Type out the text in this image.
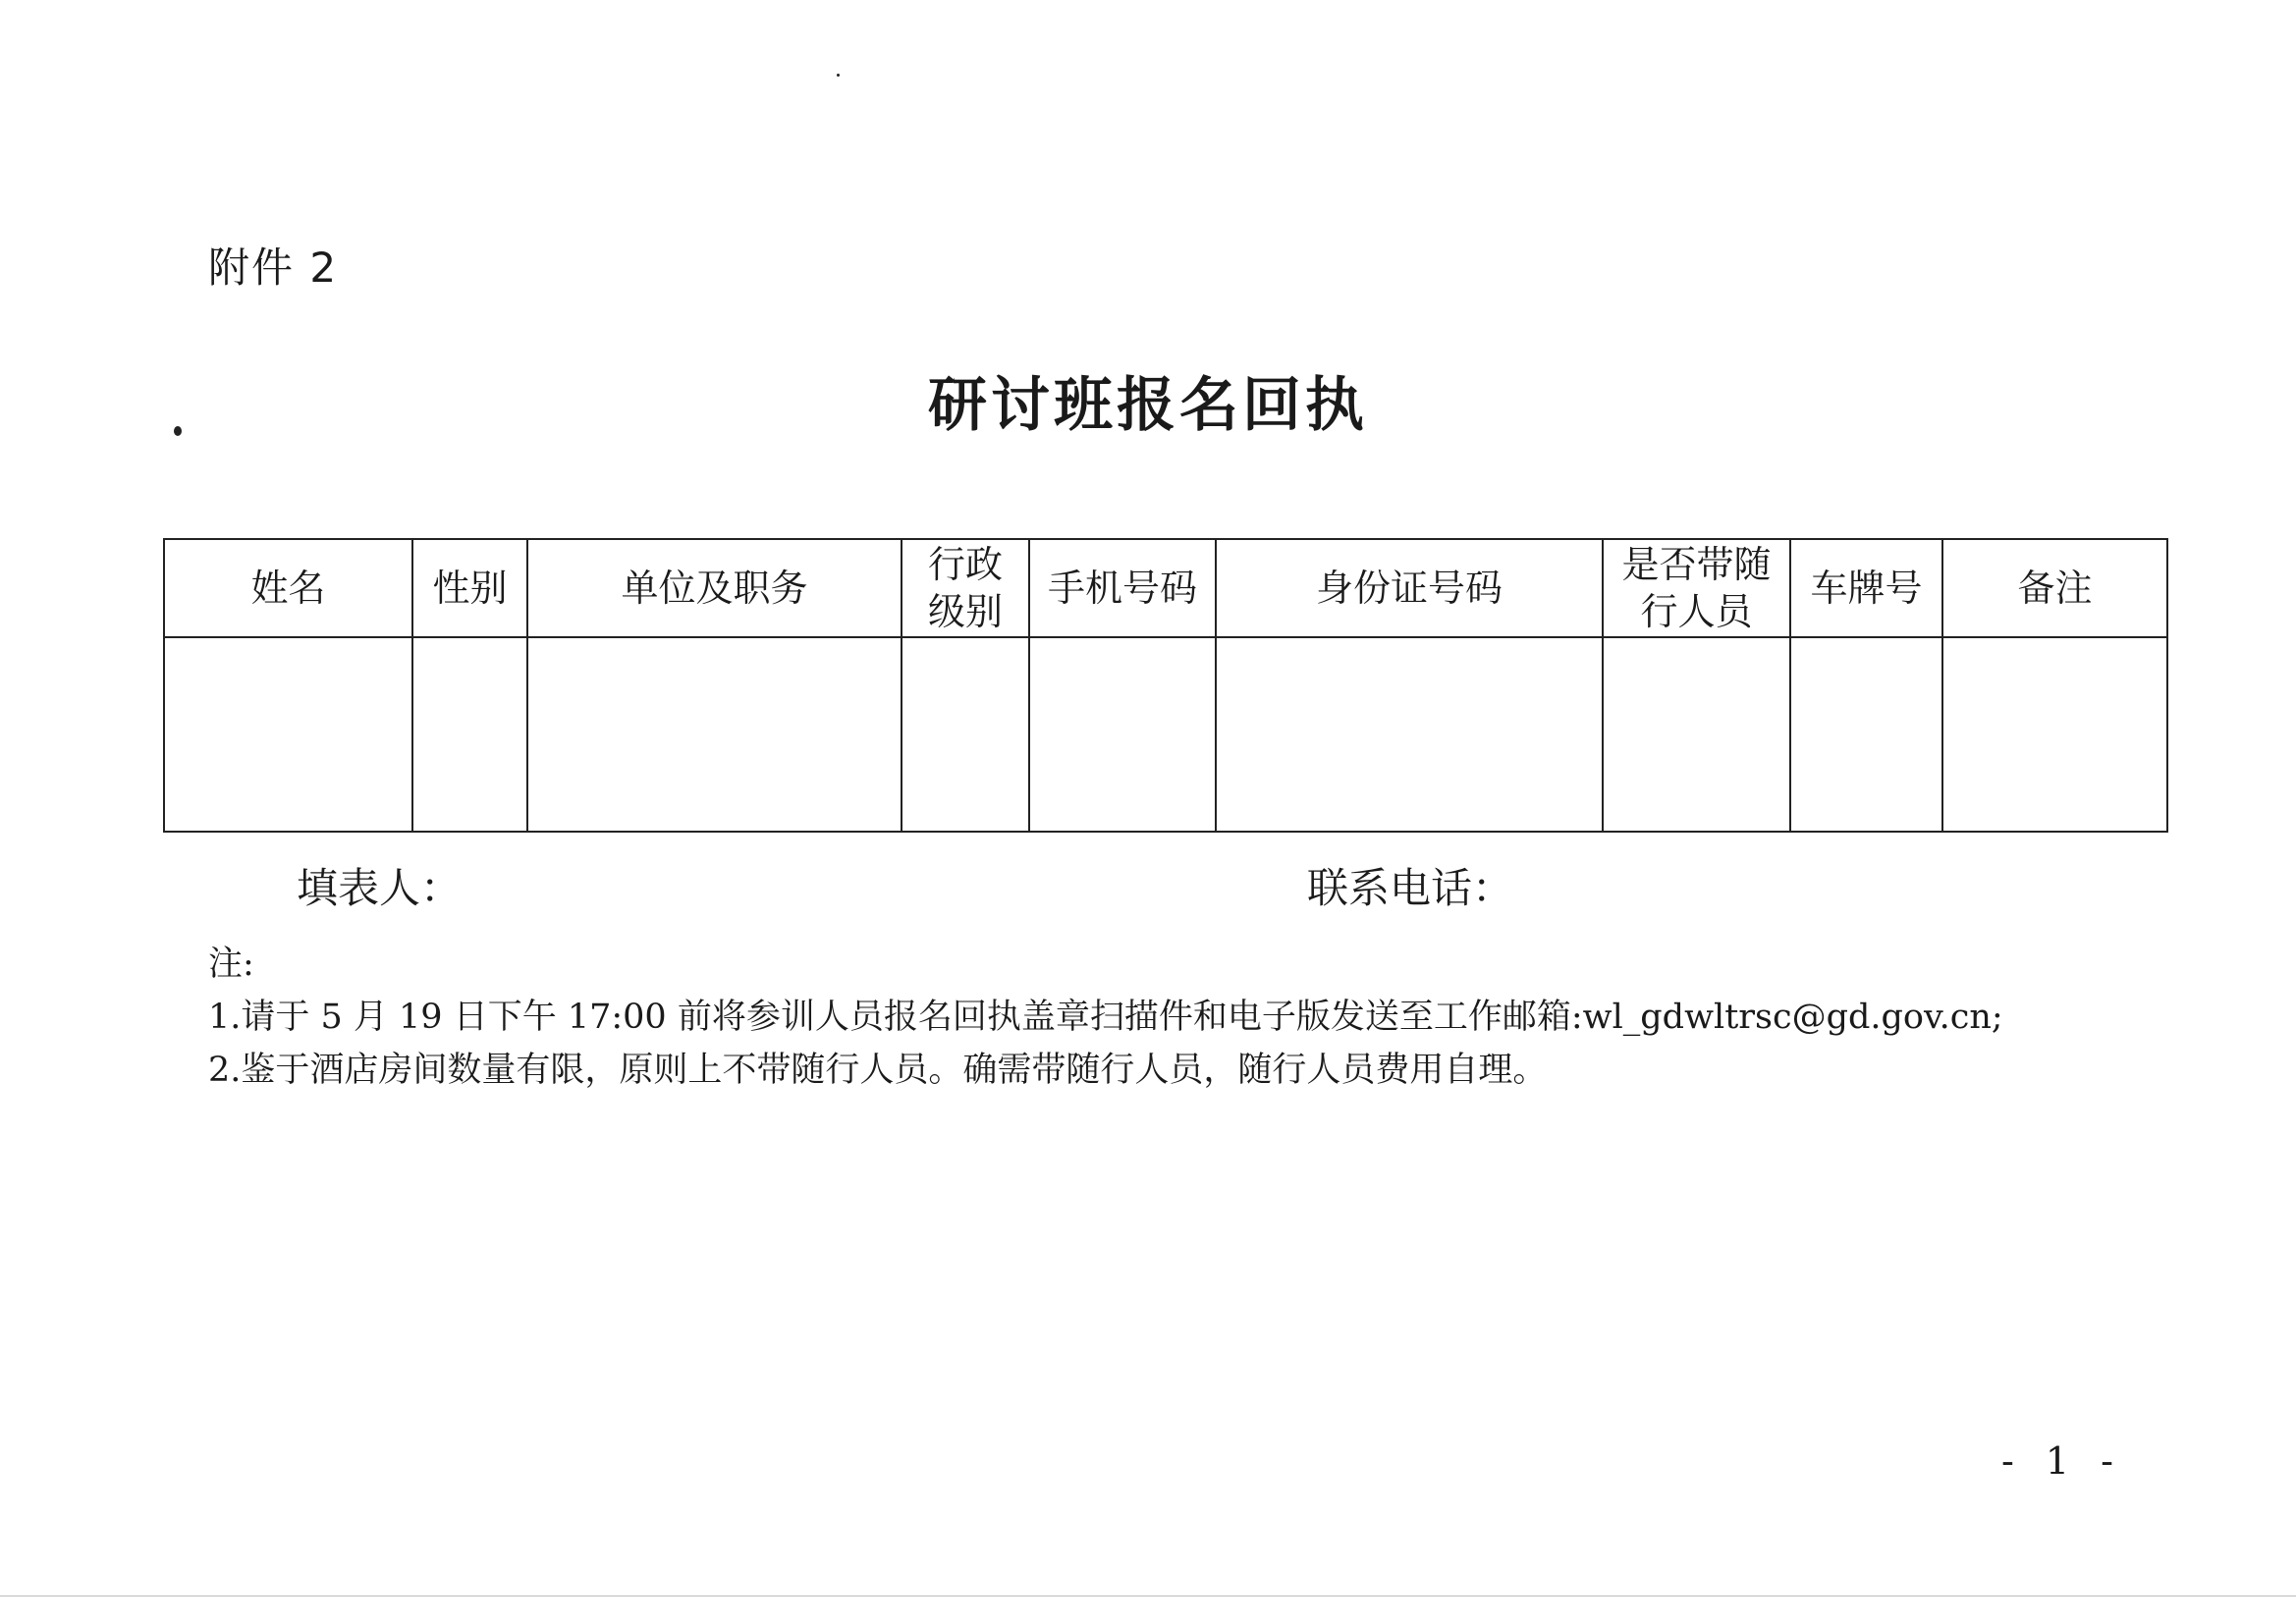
附件 2
研讨班报名回执
姓名	性别	单位及职务	行政级别	手机号码	身份证号码	是否带随行人员	车牌号	备注

填表人：	联系电话：
注:
1.请于 5 月 19 日下午 17:00 前将参训人员报名回执盖章扫描件和电子版发送至工作邮箱:wl_gdwltrsc@gd.gov.cn;
2.鉴于酒店房间数量有限，原则上不带随行人员。确需带随行人员，随行人员费用自理。
- 1 -
